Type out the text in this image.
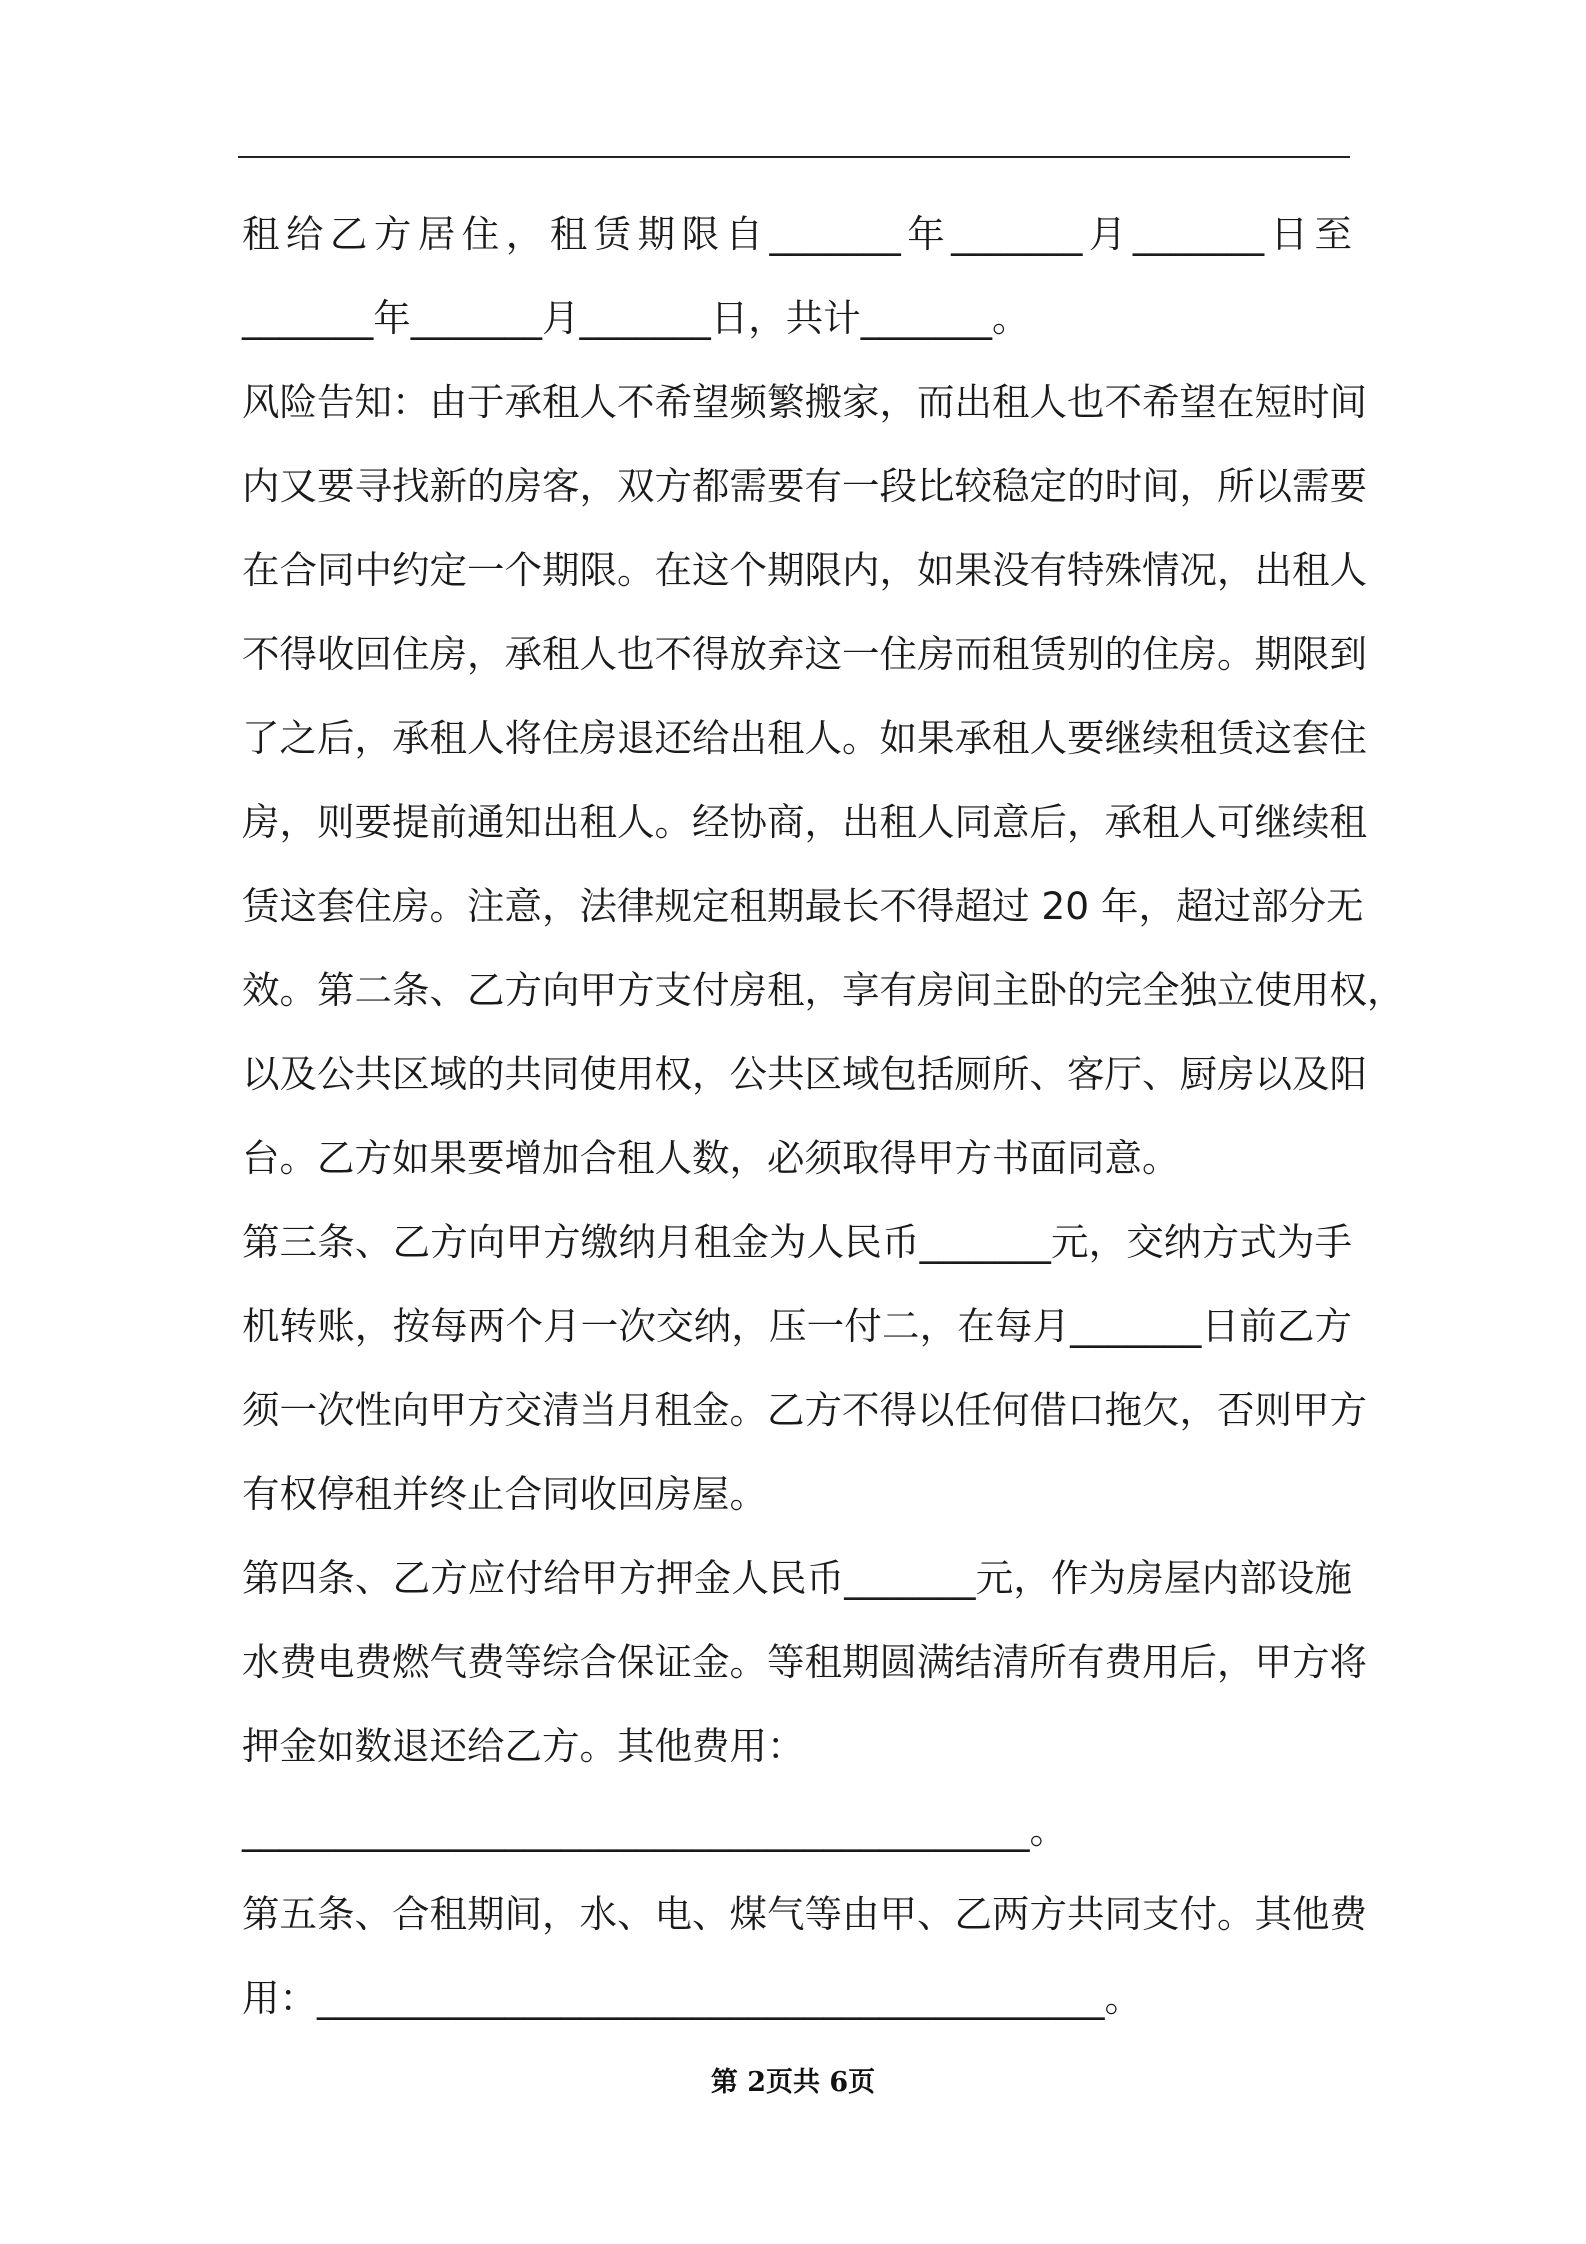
租给乙方居住，租赁期限自_______年_______月_______日至
_______年_______月_______日，共计_______。
风险告知：由于承租人不希望频繁搬家，而出租人也不希望在短时间
内又要寻找新的房客，双方都需要有一段比较稳定的时间，所以需要
在合同中约定一个期限。在这个期限内，如果没有特殊情况，出租人
不得收回住房，承租人也不得放弃这一住房而租赁别的住房。期限到
了之后，承租人将住房退还给出租人。如果承租人要继续租赁这套住
房，则要提前通知出租人。经协商，出租人同意后，承租人可继续租
赁这套住房。注意，法律规定租期最长不得超过 20 年，超过部分无
效。第二条、乙方向甲方支付房租，享有房间主卧的完全独立使用权，
以及公共区域的共同使用权，公共区域包括厕所、客厅、厨房以及阳
台。乙方如果要增加合租人数，必须取得甲方书面同意。
第三条、乙方向甲方缴纳月租金为人民币_______元，交纳方式为手
机转账，按每两个月一次交纳，压一付二，在每月_______日前乙方
须一次性向甲方交清当月租金。乙方不得以任何借口拖欠，否则甲方
有权停租并终止合同收回房屋。
第四条、乙方应付给甲方押金人民币_______元，作为房屋内部设施
水费电费燃气费等综合保证金。等租期圆满结清所有费用后，甲方将
押金如数退还给乙方。其他费用：
__________________________________________。
第五条、合租期间，水、电、煤气等由甲、乙两方共同支付。其他费
用：__________________________________________。
第 2页共 6页
